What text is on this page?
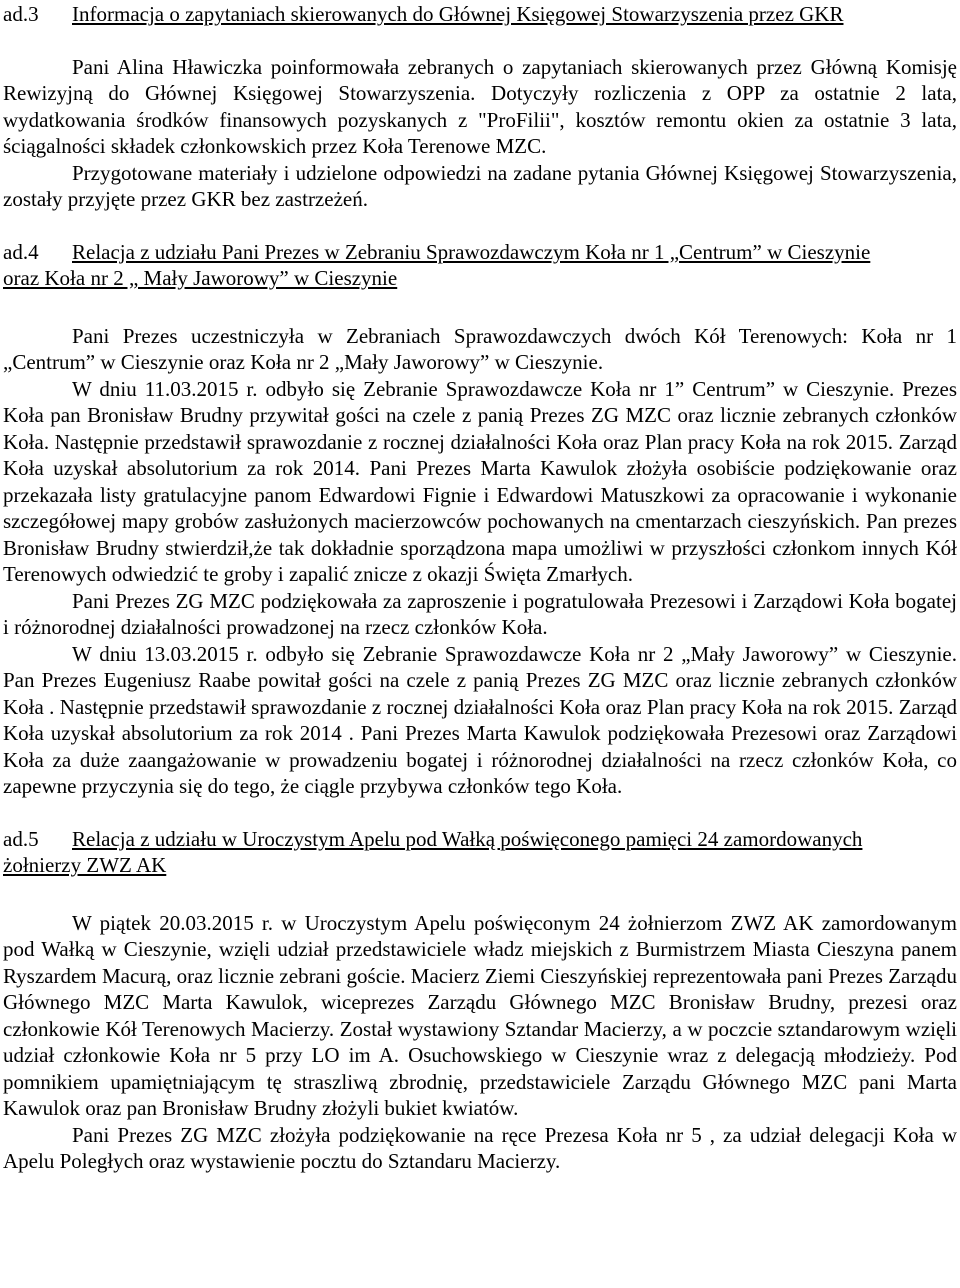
ad.3	Informacja o zapytaniach skierowanych do Głównej Księgowej Stowarzyszenia przez GKR

Pani Alina Hławiczka poinformowała zebranych o zapytaniach skierowanych przez Główną Komisję Rewizyjną do Głównej Księgowej Stowarzyszenia. Dotyczyły rozliczenia z OPP za ostatnie 2 lata, wydatkowania środków finansowych pozyskanych z "ProFilii", kosztów remontu okien za ostatnie 3 lata, ściągalności składek członkowskich przez Koła Terenowe MZC.

Przygotowane materiały i udzielone odpowiedzi na zadane pytania Głównej Księgowej Stowarzyszenia, zostały przyjęte przez GKR bez zastrzeżeń.

ad.4	Relacja z udziału Pani Prezes w Zebraniu Sprawozdawczym Koła nr 1 „Centrum” w Cieszynie

oraz Koła nr 2 „ Mały Jaworowy” w Cieszynie

Pani Prezes uczestniczyła w Zebraniach Sprawozdawczych dwóch Kół Terenowych: Koła nr 1 „Centrum” w Cieszynie oraz Koła nr 2 „Mały Jaworowy” w Cieszynie.

W dniu 11.03.2015 r. odbyło się Zebranie Sprawozdawcze Koła nr 1” Centrum” w Cieszynie. Prezes Koła pan Bronisław Brudny przywitał gości na czele z panią Prezes ZG MZC oraz licznie zebranych członków Koła. Następnie przedstawił sprawozdanie z rocznej działalności Koła oraz Plan pracy Koła na rok 2015. Zarząd Koła uzyskał absolutorium za rok 2014. Pani Prezes Marta Kawulok złożyła osobiście podziękowanie oraz przekazała listy gratulacyjne panom Edwardowi Fignie i Edwardowi Matuszkowi za opracowanie i wykonanie szczegółowej mapy grobów zasłużonych macierzowców pochowanych na cmentarzach cieszyńskich. Pan prezes Bronisław Brudny stwierdził,że tak dokładnie sporządzona mapa umożliwi w przyszłości członkom innych Kół Terenowych odwiedzić te groby i zapalić znicze z okazji Święta Zmarłych.

Pani Prezes ZG MZC podziękowała za zaproszenie i pogratulowała Prezesowi i Zarządowi Koła bogatej i różnorodnej działalności prowadzonej na rzecz członków Koła.

W dniu 13.03.2015 r. odbyło się Zebranie Sprawozdawcze Koła nr 2 „Mały Jaworowy” w Cieszynie. Pan Prezes Eugeniusz Raabe powitał gości na czele z panią Prezes ZG MZC oraz licznie zebranych członków Koła . Następnie przedstawił sprawozdanie z rocznej działalności Koła oraz Plan pracy Koła na rok 2015. Zarząd Koła uzyskał absolutorium za rok 2014 . Pani Prezes Marta Kawulok podziękowała Prezesowi oraz Zarządowi Koła za duże zaangażowanie w prowadzeniu bogatej i różnorodnej działalności na rzecz członków Koła, co zapewne przyczynia się do tego, że ciągle przybywa członków tego Koła.

ad.5	Relacja z udziału w Uroczystym Apelu pod Wałką poświęconego pamięci 24 zamordowanych

żołnierzy ZWZ AK

W piątek 20.03.2015 r. w Uroczystym Apelu poświęconym 24 żołnierzom ZWZ AK zamordowanym pod Wałką w Cieszynie, wzięli udział przedstawiciele władz miejskich z Burmistrzem Miasta Cieszyna panem Ryszardem Macurą, oraz licznie zebrani goście. Macierz Ziemi Cieszyńskiej reprezentowała pani Prezes Zarządu Głównego MZC Marta Kawulok, wiceprezes Zarządu Głównego MZC Bronisław Brudny, prezesi oraz członkowie Kół Terenowych Macierzy. Został wystawiony Sztandar Macierzy, a w poczcie sztandarowym wzięli udział członkowie Koła nr 5 przy LO im A. Osuchowskiego w Cieszynie wraz z delegacją młodzieży. Pod pomnikiem upamiętniającym tę straszliwą zbrodnię, przedstawiciele Zarządu Głównego MZC pani Marta Kawulok oraz pan Bronisław Brudny złożyli bukiet kwiatów.

Pani Prezes ZG MZC złożyła podziękowanie na ręce Prezesa Koła nr 5 , za udział delegacji Koła w Apelu Poległych oraz wystawienie pocztu do Sztandaru Macierzy.
